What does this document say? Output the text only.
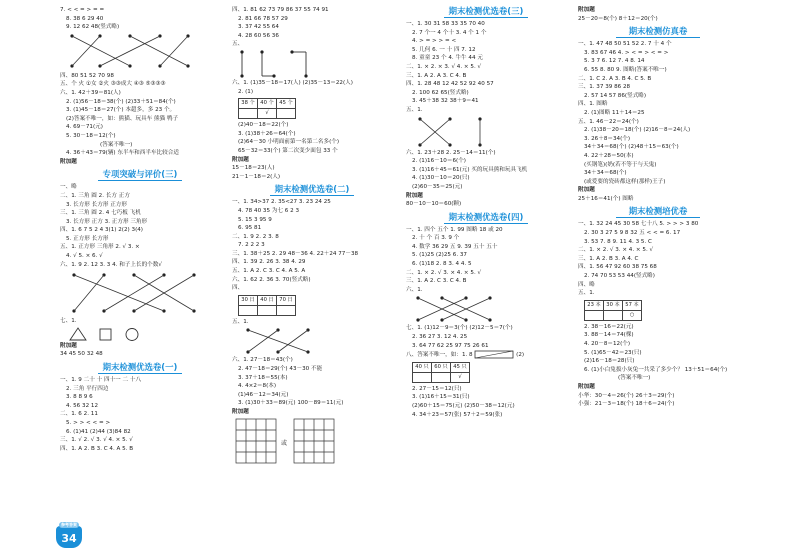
7. < < = > = =
8. 38 6 29 40
9. 12 62 48(竖式略)
四、80 51 52 70 98
五、个 火 ①女 ②火 ③③成大 ④③ ⑤③③③
六、1. 42＋39＝81(人)
2. (1)56－18＝38(个) (2)33＋51＝84(个)
3. (1)45－18＝27(个) 本超多，多 23 个。
(2)答案不唯一，如：熊猫、玩具车 熊猫 鸭子
4. 69－71(元)
5. 30－18＝12(个)
(答案不唯一)
4. 36＋43＝79(辆) 东半车和西半车比较合适
附加题
专项突破与评价(三)
一、略
二、1. 三角 圆 2. 长方 正方
3. 长方形 长方形 正方形
三、1. 三角 圆 2. 4 七巧板 飞机
3. 长方形 正方 3. 正方形 三角形
四、1. 6 7 5 2 4 3(1) 2(2) 3(4)
5. 正方形 长方形
五、1. 正方形 三角形 2. √ 3. ×
4. √ 5. × 6. √
六、1. 9 2. 12 3. 3 4. 和子上长的个数√
七、1.
附加题
34 45 50 32 48
期末检测优选卷(一)
一、1. 9 二十 十 四十一 二 十八
2. 三角 平行四边
3. 8 8 9 6
4. 56 32 12
二、1. 6 2. 11
5. > > < < = >
6. (1)41 (2)44 (3)84 82
三、1. √ 2. √ 3. √ 4. × 5. √
四、1. A 2. B 3. C 4. A 5. B
参考答案
34
四、1. 81 62 73 79 86 37 55 74 91
2. 81 66 78 57 29
3. 37 42 55 64
4. 28 60 56 36
五、
六、1. (1)35－18＝17(人) (2)35－13＝22(人)
2. (1)
38 个	40 个	45 个
	√	
(2)40－18＝22(个)
3. (1)38＋26＝64(个)
(2)64－30 小明面前第一名第二名多(个)
65－32＝33(个) 第二次变少面包 33 个
附加题
15－18＝23(人)
21－1－18＝2(人)
期末检测优选卷(二)
一、1. 34>37 2. 35<27 3. 23 24 25
4. 78 40 35 为七 6 2 3
5. 15 3 95 9
6. 95 81
二、1. 9 2. 2 3. 8
7. 2 2 2 3
三、1. 38＋25 2. 29 48－36 4. 22＋24 77－38
四、1. 39 2. 26 3. 38 4. 29
五、1. A 2. C 3. C 4. A 5. A
六、1. 62 2. 36 3. 70(竖式略)
四、
30 日	40 日	70 日

五、1.
六、1. 27－18＝43(个)
2. 47－18＝29(个) 43－30 不能
3. 37＋18＝55(本)
4. 4×2＝8(本)
(1)46－12＝34(元)
3. (1)30＋33＝89(元) 100－89＝11(元)
附加题
或
期末检测优选卷(三)
一、1. 30 31 58 33 35 70 40
2. 7 个一 4 个十 3. 4 个 1 个
4. > = > > = <
5. 几何 6. 一 十 四 7. 12
8. 童童 23 个 4. 牛牛 44 元
二、1. × 2. × 3. √ 4. × 5. √
三、1. A 2. A 3. C 4. B
四、1. 28 48 12 42 52 92 40 57
2. 100 62 65(竖式略)
3. 45＋38 32 38＋9＝41
五、1.
六、1. 23＋28 2. 25－14＝11(个)
2. (1)16－10＝6(个)
3. (1)16＋45＝61(元) 买的玩具熊和玩具飞机
4. (1)30－10＝20(只)
(2)60－35＝25(元)
附加题
80－10－10＝60(颗)
期末检测优选卷(四)
一、1. 四个 五个 1. 99 图略 18 或 20
2. 十 个 百 3. 9 个
4. 数学 36 29 五 9. 39 五十 五十
5. (1)25 (2)25 6. 37
6. (1)18 2. 8 3. 4 4. 5
二、1. × 2. √ 3. × 4. × 5. √
三、1. A 2. C 3. C 4. B
六、1.
七、1. (1)12－9＝3(个) (2)12－5＝7(个)
2. 36 27 3. 12 4. 25
3. 64 77 62 25 97 75 26 61
八、答案不唯一，如：1. 8	(2)
40 只	60 只	45 只
		√
2. 27－15＝12(只)
3. (1)16＋15＝31(只)
(2)60＋15＝75(元) (2)50－38＝12(元)
4. 34＋23＝57(张) 57＋2＝59(张)
附加题
25－20＝8(个) 8＋12＝20(个)
期末检测仿真卷
一、1. 47 48 50 51 52 2. 7 十 4 个
3. 83 67 46 4. > < = > < = >
5. 3 7 6. 12 7. 4 8. 14
6. 55 8. 80 9. 图略(答案不唯一)
二、1. C 2. A 3. B 4. C 5. B
三、1. 37 39 86 28
2. 57 14 57 86(竖式略)
四、1. 图略
2. (1)图略 11＋14＝25
五、1. 46－22＝24(个)
2. (1)38－20＝18(个) (2)16－8＝24(人)
3. 26＋8＝34(个)
34＋34＝68(个) (2)48＋15＝63(个)
4. 22＋28＝50(本)
(买钢笔)(奶(若不等于与天鬼)
34＋34＝68(个)
(或爱要的瓷砖都这样(那样)王子)
附加题
25＋16＝41(个) 图略
期末检测培优卷
一、1. 32 24 45 30 58 七十八 5. > > > 3 80
2. 30 3 27 5 9 8 32 五 < < = 6. 17
3. 53 7. 8 9. 11 4. 3 5. C
二、1. × 2. √ 3. × 4. × 5. √
三、1. A 2. B 3. A 4. C
四、1. 56 47 92 60 38 75 68
2. 74 70 53 53 44(竖式略)
四、略
五、1.
23 本	30 本	57 本
		○
2. 38－16＝22(元)
3. 88－14＝74(棵)
4. 20－8＝12(个)
5. (1)65－42＝23(只)
(2)16－18＝28(只)
6. (1)小白兔拔小灰兔一共采了多少个？ 13＋51＝64(个)
(答案不唯一)
附加题
小华：30－4＝26(个) 26＋3＝29(个)
小强：21－3＝18(个) 18＋6＝24(个)
